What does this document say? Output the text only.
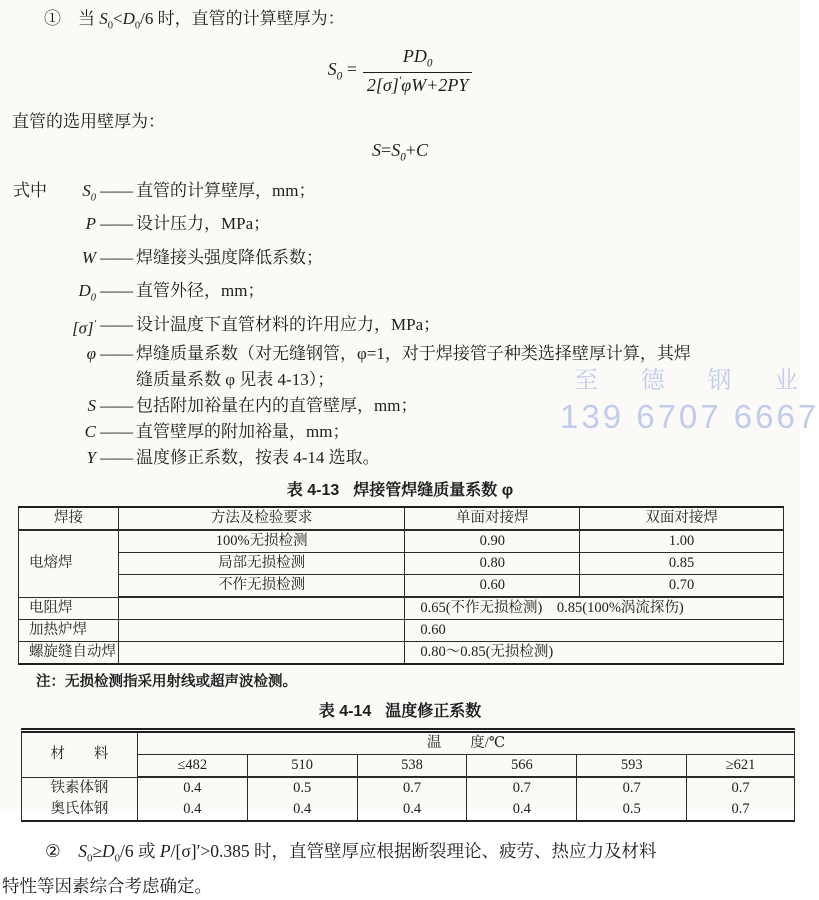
①　当 $S_0<D_0/6$ 时，直管的计算壁厚为：
$S_0 = \frac{PD_0}{2[\sigma]'\varphi W+2PY}$
直管的选用壁厚为：
$S=S_0+C$
式中	$S_0$ —— 直管的计算壁厚，mm；
P —— 设计压力，MPa；
W —— 焊缝接头强度降低系数；
$D_0$ —— 直管外径，mm；
[σ]′ —— 设计温度下直管材料的许用应力，MPa；
φ —— 焊缝质量系数（对无缝钢管，φ=1，对于焊接管子种类选择壁厚计算，其焊
缝质量系数 φ 见表 4-13）；
S —— 包括附加裕量在内的直管壁厚，mm；
C —— 直管壁厚的附加裕量，mm；
Y —— 温度修正系数，按表 4-14 选取。
表 4-13 焊接管焊缝质量系数 φ
焊接	方法及检验要求	单面对接焊	双面对接焊
电熔焊	100%无损检测	0.90	1.00
	局部无损检测	0.80	0.85
	不作无损检测	0.60	0.70
电阻焊		0.65(不作无损检测)　0.85(100%涡流探伤)	
加热炉焊		0.60	
螺旋缝自动焊		0.80～0.85(无损检测)	
注：无损检测指采用射线或超声波检测。
表 4-14 温度修正系数
材　　料	温　　度/℃					
	≤482	510	538	566	593	≥621
铁素体钢	0.4	0.5	0.7	0.7	0.7	0.7
奥氏体钢	0.4	0.4	0.4	0.4	0.5	0.7
②　$S_0\ge D_0/6$ 或 P/[σ]′>0.385 时，直管壁厚应根据断裂理论、疲劳、热应力及材料
特性等因素综合考虑确定。
至 德 钢 业
139 6707 6667
